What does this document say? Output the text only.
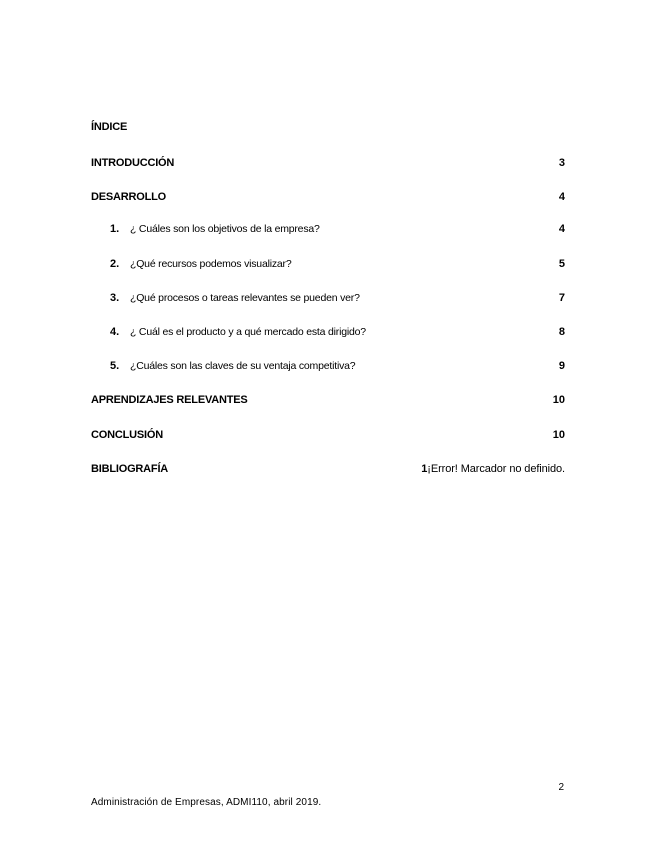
ÍNDICE
INTRODUCCIÓN	3
DESARROLLO	4
1. ¿ Cuáles son los objetivos de la empresa?	4
2. ¿Qué recursos podemos visualizar?	5
3. ¿Qué procesos o tareas relevantes se pueden ver?	7
4. ¿ Cuál es el producto y a qué mercado esta dirigido?	8
5. ¿Cuáles son las claves de su ventaja competitiva?	9
APRENDIZAJES RELEVANTES	10
CONCLUSIÓN	10
BIBLIOGRAFÍA	1¡Error! Marcador no definido.
2
Administración de Empresas, ADMI110, abril 2019.
